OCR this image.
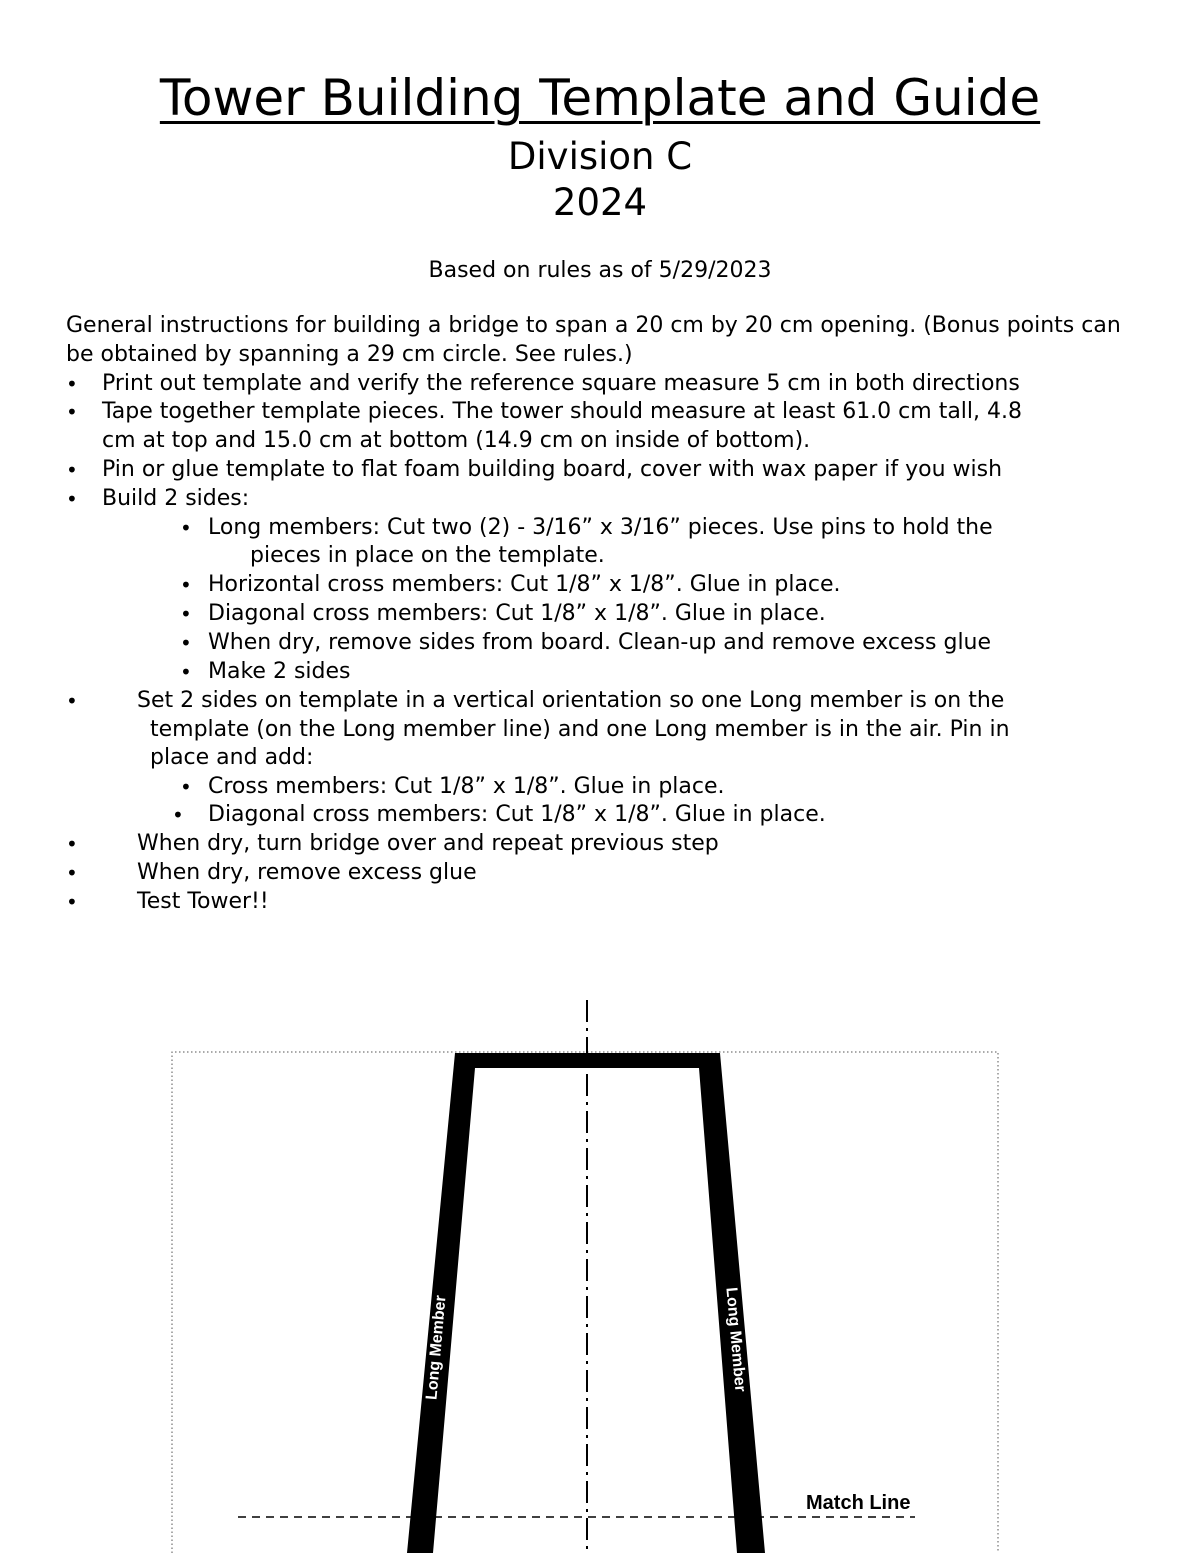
Tower Building Template and Guide
Division C
2024
Based on rules as of 5/29/2023

General instructions for building a bridge to span a 20 cm by 20 cm opening. (Bonus points can be obtained by spanning a 29 cm circle. See rules.)

• Print out template and verify the reference square measure 5 cm in both directions
• Tape together template pieces. The tower should measure at least 61.0 cm tall, 4.8
cm at top and 15.0 cm at bottom (14.9 cm on inside of bottom).
• Pin or glue template to flat foam building board, cover with wax paper if you wish
• Build 2 sides:
• Long members: Cut two (2) - 3/16” x 3/16” pieces. Use pins to hold the
pieces in place on the template.
• Horizontal cross members: Cut 1/8” x 1/8”. Glue in place.
• Diagonal cross members: Cut 1/8” x 1/8”. Glue in place.
• When dry, remove sides from board. Clean-up and remove excess glue
• Make 2 sides
•	Set 2 sides on template in a vertical orientation so one Long member is on the
template (on the Long member line) and one Long member is in the air. Pin in
place and add:
• Cross members: Cut 1/8” x 1/8”. Glue in place.
• Diagonal cross members: Cut 1/8” x 1/8”. Glue in place.
•	When dry, turn bridge over and repeat previous step
•	When dry, remove excess glue
•	Test Tower!!
Long Member	Long Member
Match Line
